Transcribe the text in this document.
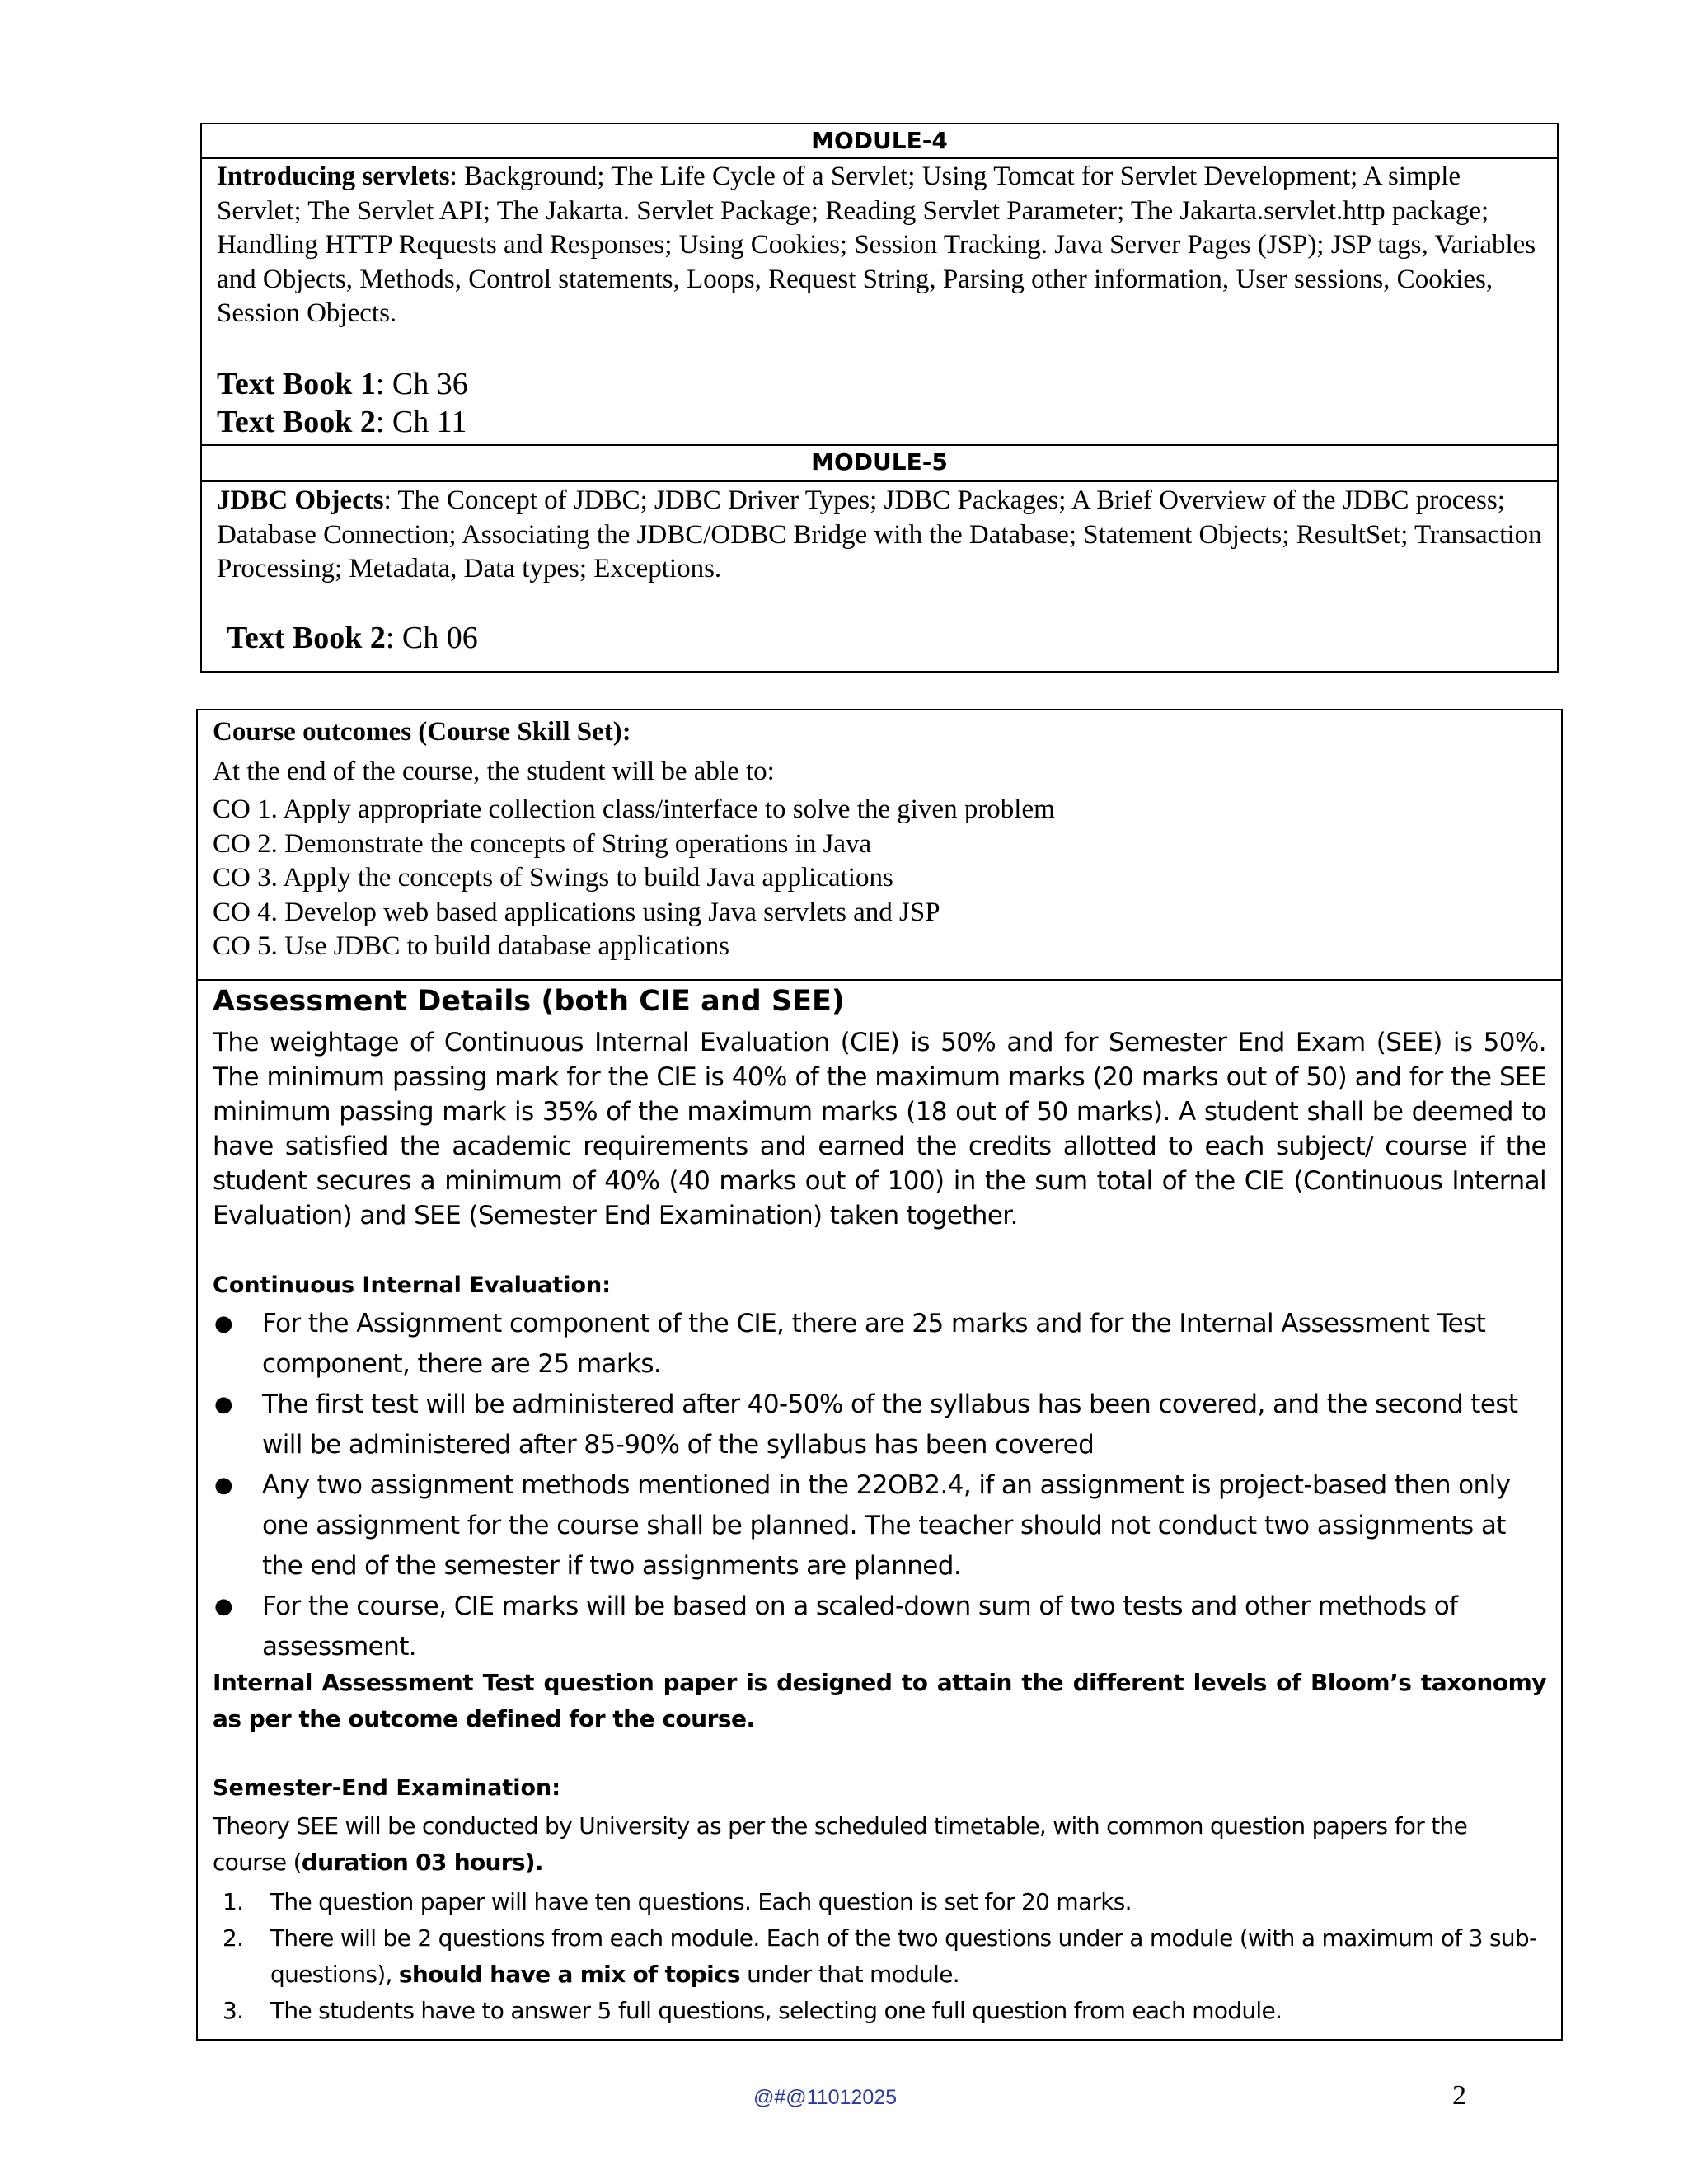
MODULE-4
Introducing servlets: Background; The Life Cycle of a Servlet; Using Tomcat for Servlet Development; A simple Servlet; The Servlet API; The Jakarta. Servlet Package; Reading Servlet Parameter; The Jakarta.servlet.http package; Handling HTTP Requests and Responses; Using Cookies; Session Tracking. Java Server Pages (JSP); JSP tags, Variables and Objects, Methods, Control statements, Loops, Request String, Parsing other information, User sessions, Cookies, Session Objects.
Text Book 1: Ch 36
Text Book 2: Ch 11
MODULE-5
JDBC Objects: The Concept of JDBC; JDBC Driver Types; JDBC Packages; A Brief Overview of the JDBC process; Database Connection; Associating the JDBC/ODBC Bridge with the Database; Statement Objects; ResultSet; Transaction Processing; Metadata, Data types; Exceptions.
Text Book 2: Ch 06
Course outcomes (Course Skill Set):
At the end of the course, the student will be able to:
CO 1. Apply appropriate collection class/interface to solve the given problem
CO 2. Demonstrate the concepts of String operations in Java
CO 3. Apply the concepts of Swings to build Java applications
CO 4. Develop web based applications using Java servlets and JSP
CO 5. Use JDBC to build database applications
Assessment Details (both CIE and SEE)

The weightage of Continuous Internal Evaluation (CIE) is 50% and for Semester End Exam (SEE) is 50%. The minimum passing mark for the CIE is 40% of the maximum marks (20 marks out of 50) and for the SEE minimum passing mark is 35% of the maximum marks (18 out of 50 marks). A student shall be deemed to have satisfied the academic requirements and earned the credits allotted to each subject/ course if the student secures a minimum of 40% (40 marks out of 100) in the sum total of the CIE (Continuous Internal Evaluation) and SEE (Semester End Examination) taken together.

Continuous Internal Evaluation:
● For the Assignment component of the CIE, there are 25 marks and for the Internal Assessment Test component, there are 25 marks.
● The first test will be administered after 40-50% of the syllabus has been covered, and the second test will be administered after 85-90% of the syllabus has been covered
● Any two assignment methods mentioned in the 22OB2.4, if an assignment is project-based then only one assignment for the course shall be planned. The teacher should not conduct two assignments at the end of the semester if two assignments are planned.
● For the course, CIE marks will be based on a scaled-down sum of two tests and other methods of assessment.

Internal Assessment Test question paper is designed to attain the different levels of Bloom’s taxonomy as per the outcome defined for the course.

Semester-End Examination:

Theory SEE will be conducted by University as per the scheduled timetable, with common question papers for the course (duration 03 hours).

1. The question paper will have ten questions. Each question is set for 20 marks.
2. There will be 2 questions from each module. Each of the two questions under a module (with a maximum of 3 sub-questions), should have a mix of topics under that module.
3. The students have to answer 5 full questions, selecting one full question from each module.
@#@11012025	2
